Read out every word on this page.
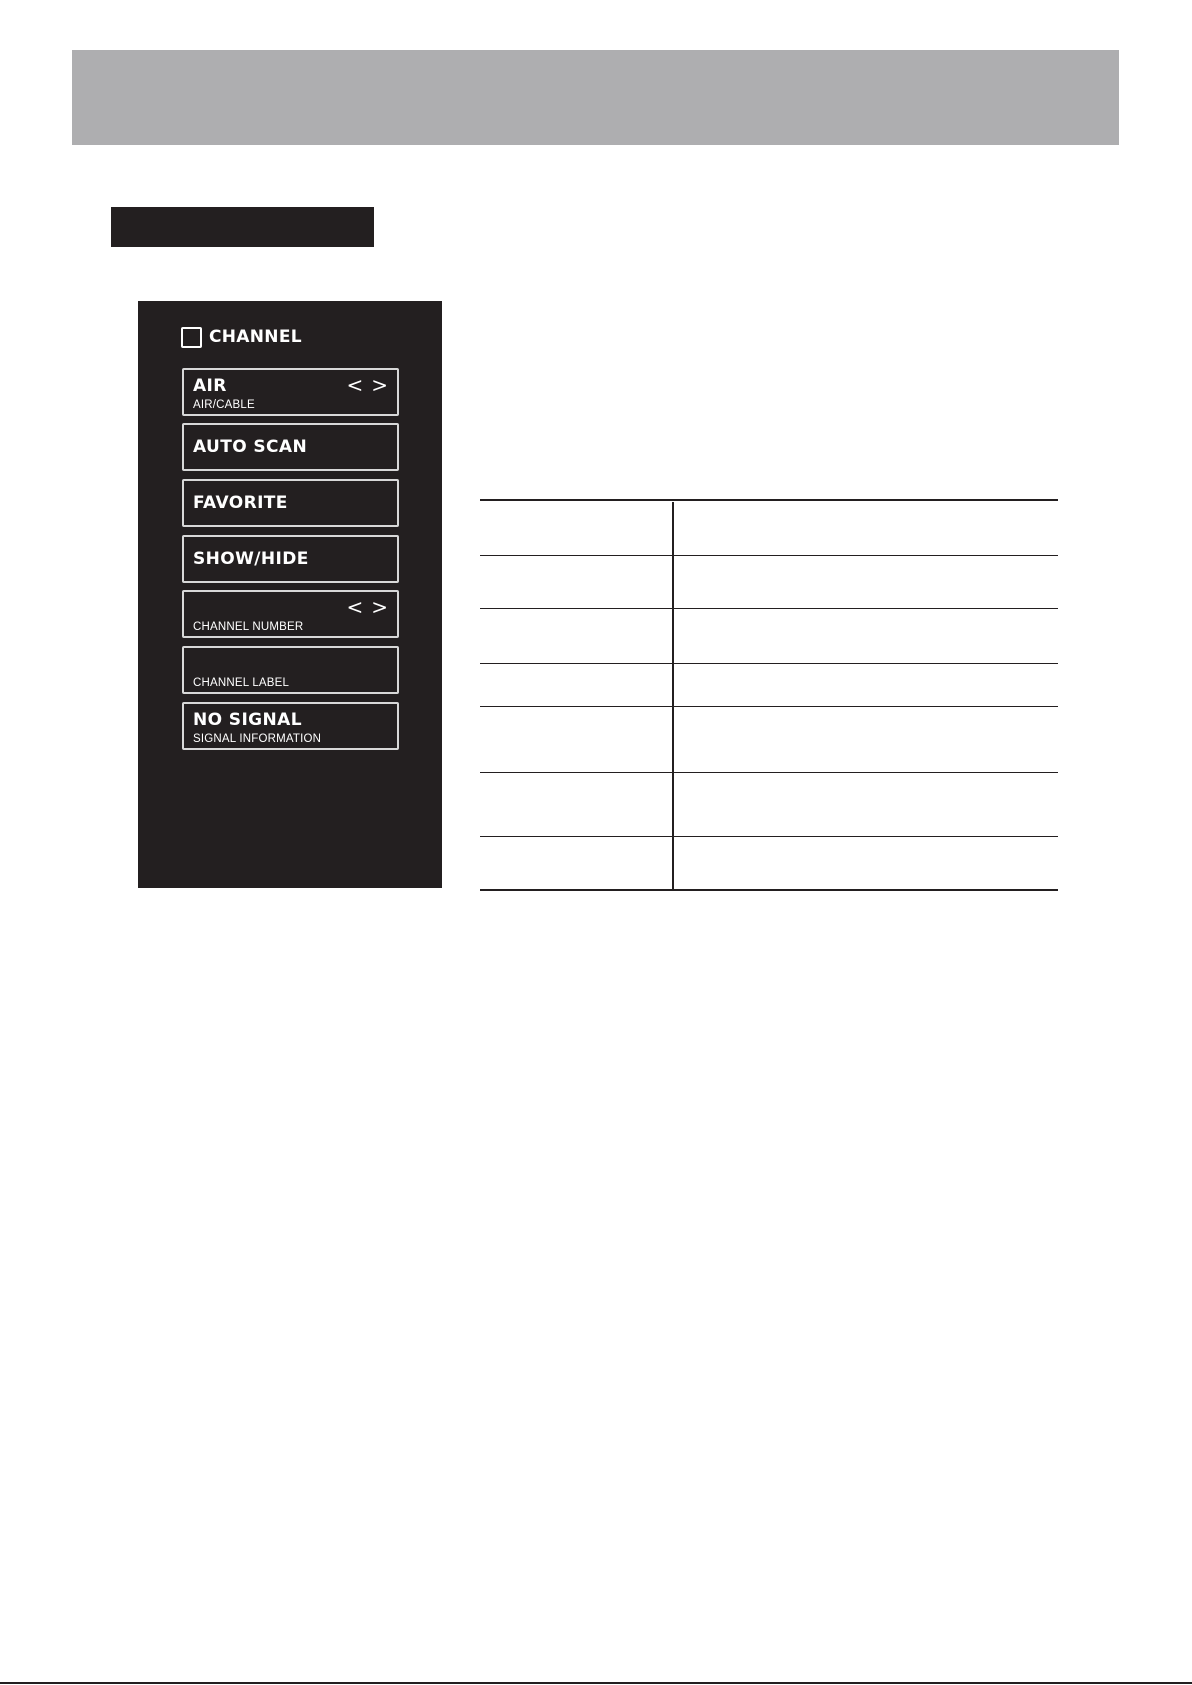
CHANNEL
AIR
AIR/CABLE
< >
AUTO SCAN
FAVORITE
SHOW/HIDE
CHANNEL NUMBER
< >
CHANNEL LABEL
NO SIGNAL
SIGNAL INFORMATION
